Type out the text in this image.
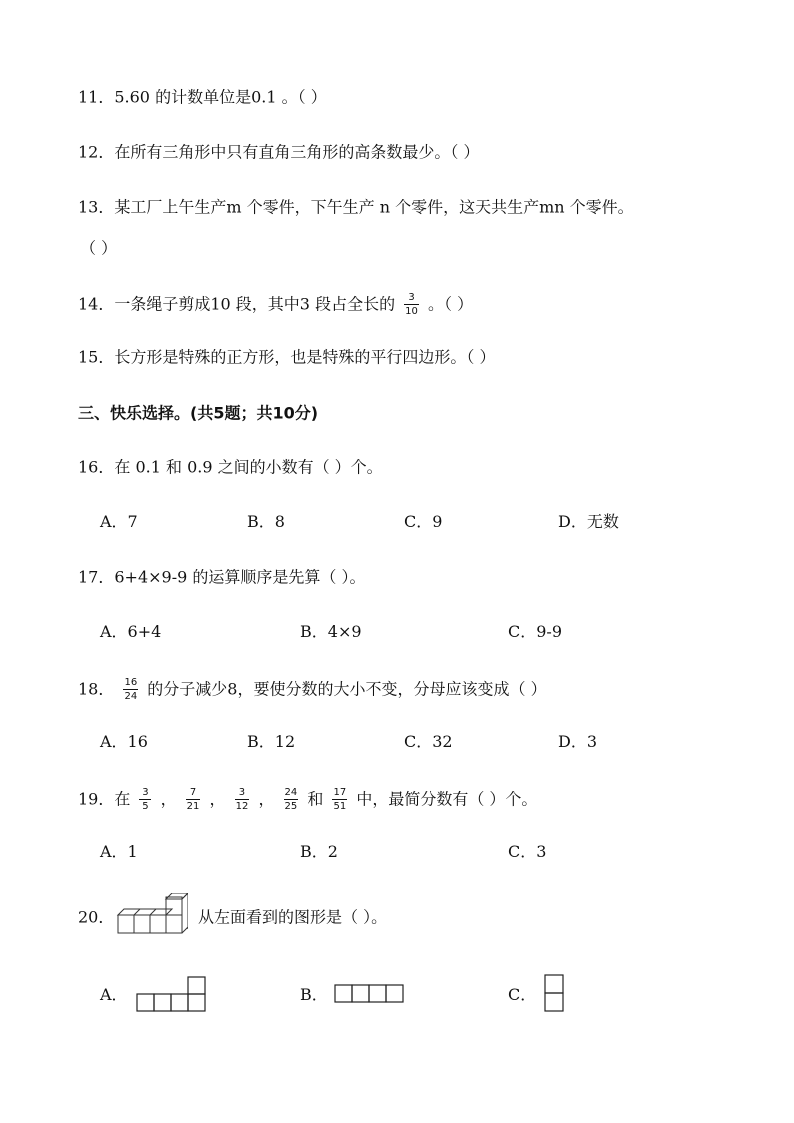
11．5.60 的计数单位是0.1 。（ ）
12．在所有三角形中只有直角三角形的高条数最少。（ ）
13．某工厂上午生产m 个零件，下午生产 n 个零件，这天共生产mn 个零件。
（ ）
14．一条绳子剪成10 段，其中3 段占全长的 $\frac{3}{10}$ 。（ ）
15．长方形是特殊的正方形，也是特殊的平行四边形。（ ）
三、快乐选择。(共5题；共10分)
16．在 0.1 和 0.9 之间的小数有（ ）个。
A．7	B．8	C．9	D．无数
17．6+4×9-9 的运算顺序是先算（ ）。
A．6+4	B．4×9	C．9-9
18． $\frac{16}{24}$ 的分子减少8，要使分数的大小不变，分母应该变成（ ）
A．16	B．12	C．32	D．3
19．在 $\frac{3}{5}$ ， $\frac{7}{21}$ ， $\frac{3}{12}$ ， $\frac{24}{25}$ 和 $\frac{17}{51}$ 中，最简分数有（ ）个。
A．1	B．2	C．3
20．	从左面看到的图形是（ ）。
A．	B．	C．
